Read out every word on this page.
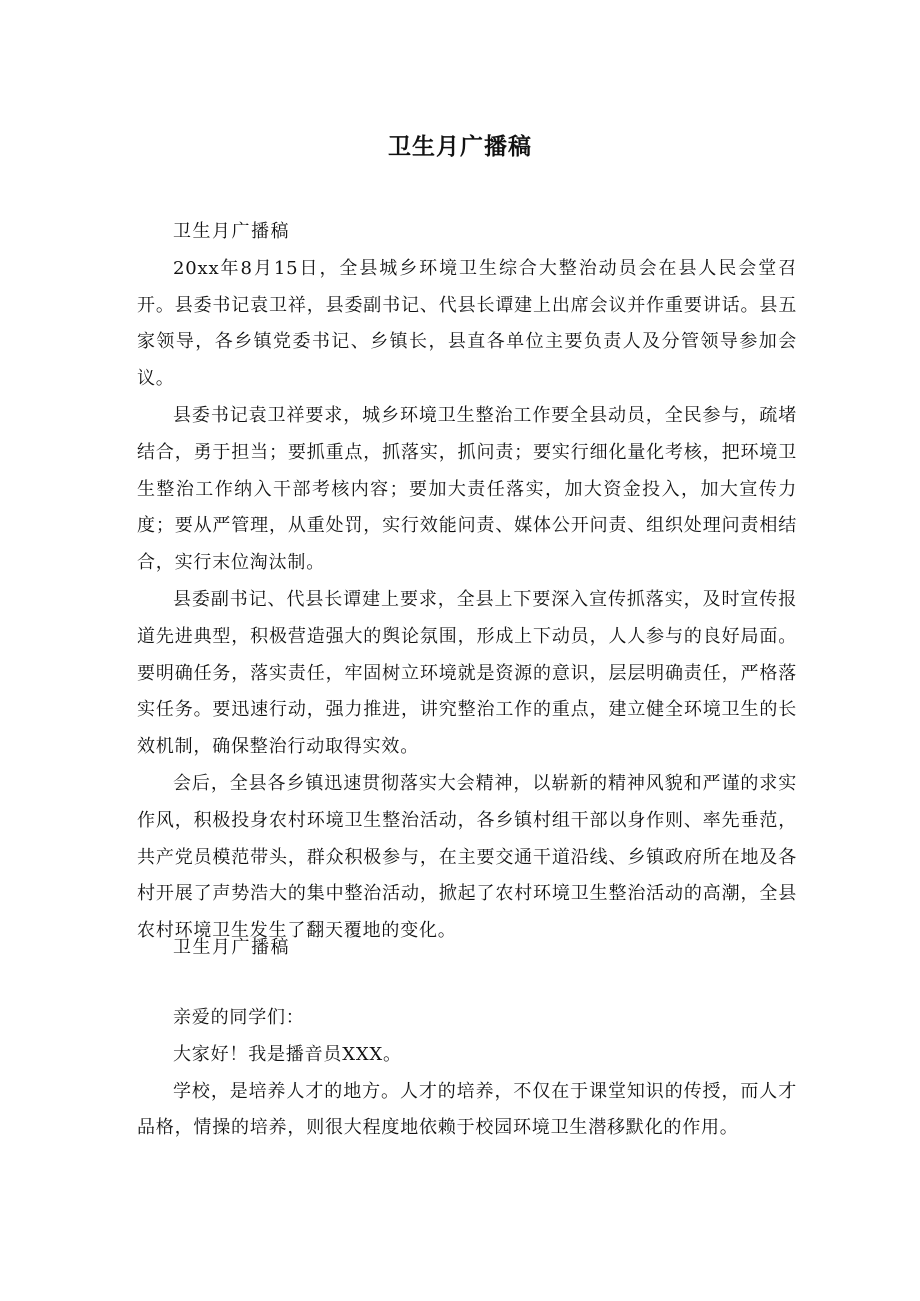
卫生月广播稿

卫生月广播稿

20xx年8月15日，全县城乡环境卫生综合大整治动员会在县人民会堂召开。县委书记袁卫祥，县委副书记、代县长谭建上出席会议并作重要讲话。县五家领导，各乡镇党委书记、乡镇长，县直各单位主要负责人及分管领导参加会议。

县委书记袁卫祥要求，城乡环境卫生整治工作要全县动员，全民参与，疏堵结合，勇于担当；要抓重点，抓落实，抓问责；要实行细化量化考核，把环境卫生整治工作纳入干部考核内容；要加大责任落实，加大资金投入，加大宣传力度；要从严管理，从重处罚，实行效能问责、媒体公开问责、组织处理问责相结合，实行末位淘汰制。

县委副书记、代县长谭建上要求，全县上下要深入宣传抓落实，及时宣传报道先进典型，积极营造强大的舆论氛围，形成上下动员，人人参与的良好局面。要明确任务，落实责任，牢固树立环境就是资源的意识，层层明确责任，严格落实任务。要迅速行动，强力推进，讲究整治工作的重点，建立健全环境卫生的长效机制，确保整治行动取得实效。

会后，全县各乡镇迅速贯彻落实大会精神，以崭新的精神风貌和严谨的求实作风，积极投身农村环境卫生整治活动，各乡镇村组干部以身作则、率先垂范，共产党员模范带头，群众积极参与，在主要交通干道沿线、乡镇政府所在地及各村开展了声势浩大的集中整治活动，掀起了农村环境卫生整治活动的高潮，全县农村环境卫生发生了翻天覆地的变化。

卫生月广播稿

亲爱的同学们：

大家好！我是播音员XXX。

学校，是培养人才的地方。人才的培养，不仅在于课堂知识的传授，而人才品格，情操的培养，则很大程度地依赖于校园环境卫生潜移默化的作用。
